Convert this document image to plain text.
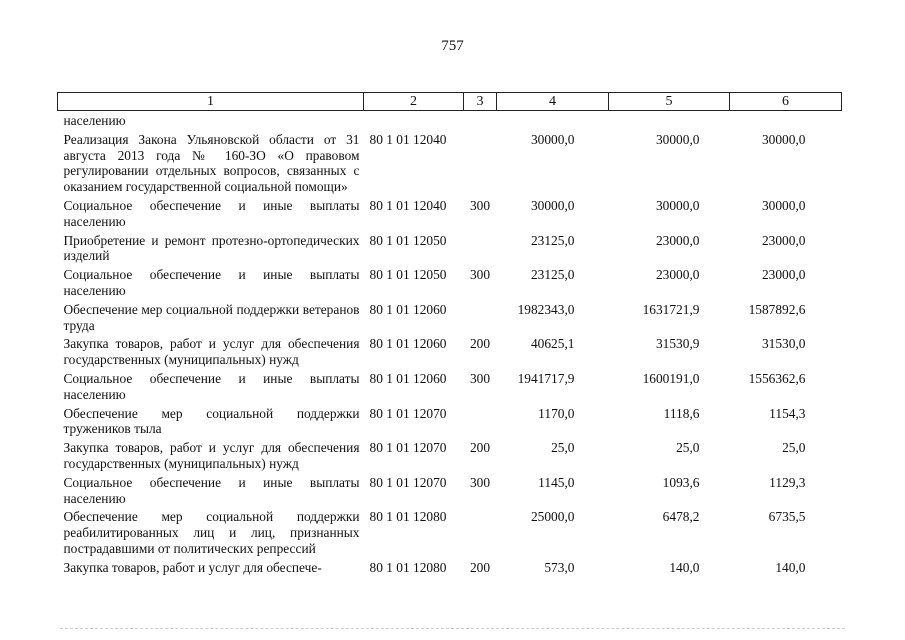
757
1	2	3	4	5	6
населению					
Реализация Закона Ульяновской области от 31 августа 2013 года № 160-ЗО «О правовом регулировании отдельных вопросов, связанных с оказанием государственной социальной помощи»	80 1 01 12040		30000,0	30000,0	30000,0
Социальное обеспечение и иные выплаты населению	80 1 01 12040	300	30000,0	30000,0	30000,0
Приобретение и ремонт протезно-ортопедических изделий	80 1 01 12050		23125,0	23000,0	23000,0
Социальное обеспечение и иные выплаты населению	80 1 01 12050	300	23125,0	23000,0	23000,0
Обеспечение мер социальной поддержки ветеранов труда	80 1 01 12060		1982343,0	1631721,9	1587892,6
Закупка товаров, работ и услуг для обеспечения государственных (муниципальных) нужд	80 1 01 12060	200	40625,1	31530,9	31530,0
Социальное обеспечение и иные выплаты населению	80 1 01 12060	300	1941717,9	1600191,0	1556362,6
Обеспечение мер социальной поддержки тружеников тыла	80 1 01 12070		1170,0	1118,6	1154,3
Закупка товаров, работ и услуг для обеспечения государственных (муниципальных) нужд	80 1 01 12070	200	25,0	25,0	25,0
Социальное обеспечение и иные выплаты населению	80 1 01 12070	300	1145,0	1093,6	1129,3
Обеспечение мер социальной поддержки реабилитированных лиц и лиц, признанных пострадавшими от политических репрессий	80 1 01 12080		25000,0	6478,2	6735,5
Закупка товаров, работ и услуг для обеспече-	80 1 01 12080	200	573,0	140,0	140,0
